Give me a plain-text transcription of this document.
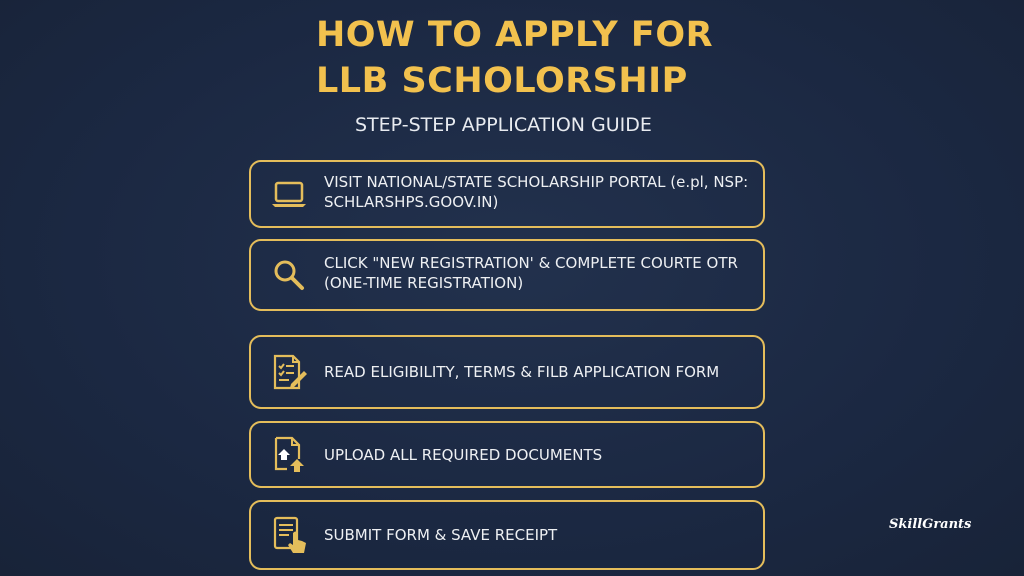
HOW TO APPLY FOR
LLB SCHOLORSHIP
STEP-STEP APPLICATION GUIDE
VISIT NATIONAL/STATE SCHOLARSHIP PORTAL (e.pl, NSP:
SCHLARSHPS.GOOV.IN)
CLICK "NEW REGISTRATION' & COMPLETE COURTE OTR
(ONE-TIME REGISTRATION)
READ ELIGIBILITY, TERMS & FILB APPLICATION FORM
UPLOAD ALL REQUIRED DOCUMENTS
SUBMIT FORM & SAVE RECEIPT
SkillGrants
